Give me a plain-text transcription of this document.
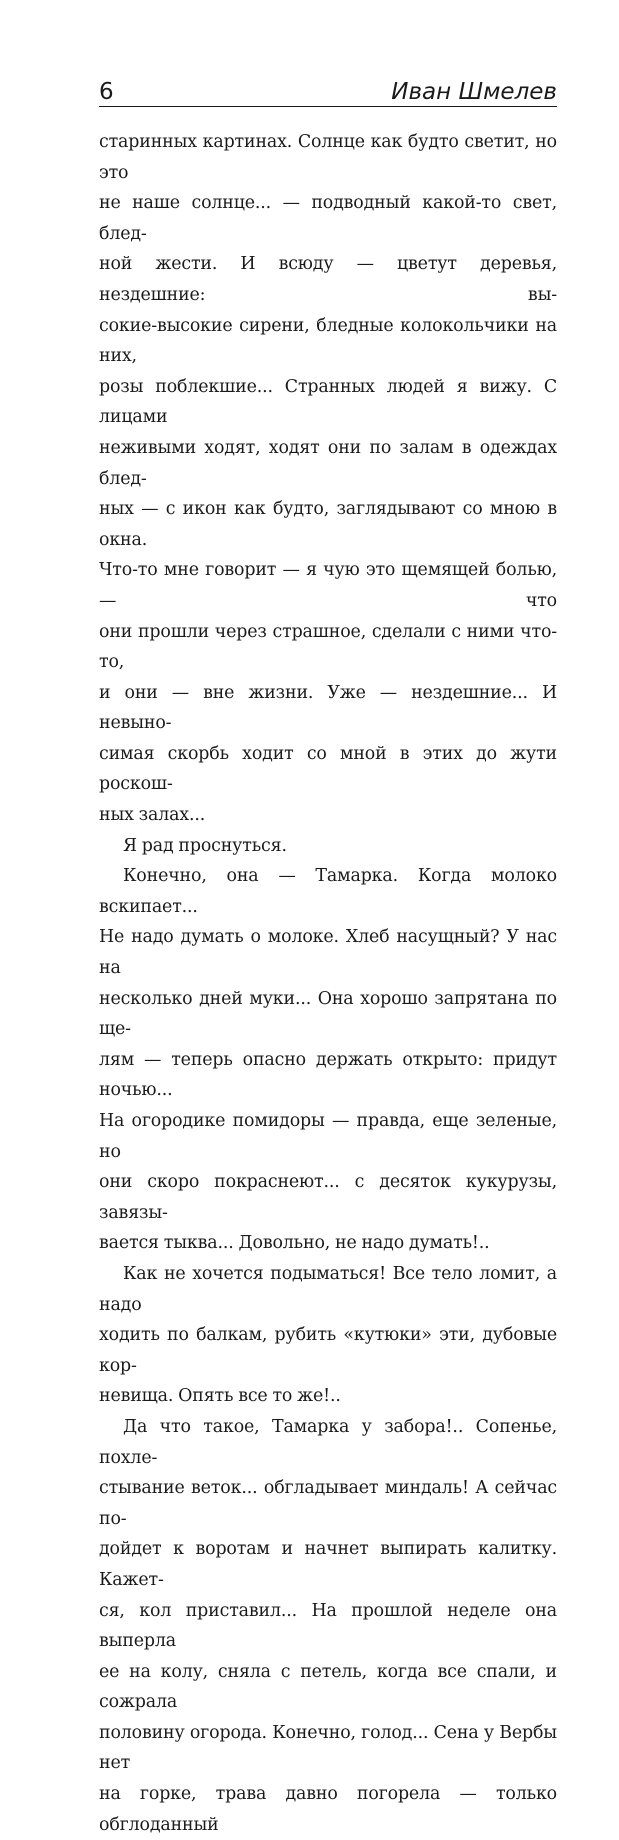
6	Иван Шмелев

старинных картинах. Солнце как будто светит, но это

не наше солнце... — подводный какой-то свет, блед-

ной жести. И всюду — цветут деревья, нездешние: вы-

сокие-высокие сирени, бледные колокольчики на них,

розы поблекшие... Странных людей я вижу. С лицами

неживыми ходят, ходят они по залам в одеждах блед-

ных — с икон как будто, заглядывают со мною в окна.

Что-то мне говорит — я чую это щемящей болью, — что

они прошли через страшное, сделали с ними что-то,

и они — вне жизни. Уже — нездешние... И невыно-

симая скорбь ходит со мной в этих до жути роскош-

ных залах...

Я рад проснуться.

Конечно, она — Тамарка. Когда молоко вскипает...

Не надо думать о молоке. Хлеб насущный? У нас на

несколько дней муки... Она хорошо запрятана по ще-

лям — теперь опасно держать открыто: придут ночью...

На огородике помидоры — правда, еще зеленые, но

они скоро покраснеют... с десяток кукурузы, завязы-

вается тыква... Довольно, не надо думать!..

Как не хочется подыматься! Все тело ломит, а надо

ходить по балкам, рубить «кутюки» эти, дубовые кор-

невища. Опять все то же!..

Да что такое, Тамарка у забора!.. Сопенье, похле-

стывание веток... обгладывает миндаль! А сейчас по-

дойдет к воротам и начнет выпирать калитку. Кажет-

ся, кол приставил... На прошлой неделе она выперла

ее на колу, сняла с петель, когда все спали, и сожрала

половину огорода. Конечно, голод... Сена у Вербы нет

на горке, трава давно погорела — только обглоданный
